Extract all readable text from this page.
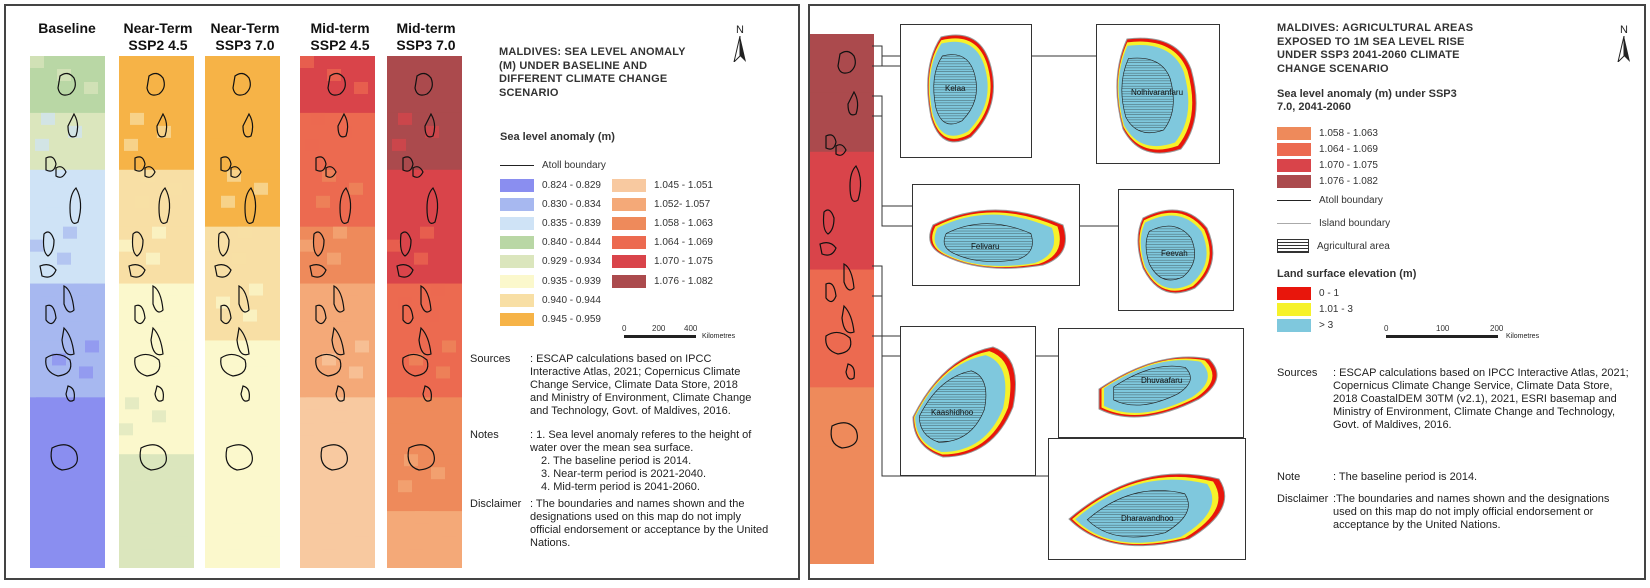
Baseline	Near-Term SSP2 4.5
Near-Term SSP3 7.0
Mid-term SSP2 4.5
Mid-term SSP3 7.0	MALDIVES: SEA LEVEL ANOMALY (M) UNDER BASELINE AND DIFFERENT CLIMATE CHANGE SCENARIO
N
Sea level anomaly (m)
Atoll boundary
0.824 - 0.829
0.830 - 0.834
0.835 - 0.839
0.840 - 0.844
0.929 - 0.934
0.935 - 0.939
0.940 - 0.944
0.945 - 0.959
1.045 - 1.051
1.052- 1.057
1.058 - 1.063
1.064 - 1.069
1.070 - 1.075
1.076 - 1.082
0	200 400
Kilometres
Sources : ESCAP calculations based on IPCC Interactive Atlas, 2021; Copernicus Climate Change Service, Climate Data Store, 2018 and Ministry of Environment, Climate Change and Technology, Govt. of Maldives, 2016.
Notes	: 1. Sea level anomaly referes to the height of water over the mean sea surface.
2. The baseline period is 2014.
3. Near-term period is 2021-2040.
4. Mid-term period is 2041-2060.
Disclaimer : The boundaries and names shown and the designations used on this map do not imply official endorsement or acceptance by the United Nations.
Kelaa	Nolhivaranfaru
Felivaru
Feevah
Kaashidhoo
Dhuvaafaru
Dharavandhoo
MALDIVES: AGRICULTURAL AREAS EXPOSED TO 1M SEA LEVEL RISE UNDER SSP3 2041-2060 CLIMATE CHANGE SCENARIO
N
Sea level anomaly (m) under SSP3 7.0, 2041-2060
1.058 - 1.063
1.064 - 1.069
1.070 - 1.075
1.076 - 1.082
Atoll boundary
Island boundary
Agricultural area
Land surface elevation (m)
0 - 1
1.01 - 3
> 3	0	100	200
Kilometres
Sources : ESCAP calculations based on IPCC Interactive Atlas, 2021; Copernicus Climate Change Service, Climate Data Store, 2018 CoastalDEM 30TM (v2.1), 2021, ESRI basemap and Ministry of Environment, Climate Change and Technology, Govt. of Maldives, 2016.
Note	: The baseline period is 2014.
Disclaimer :The boundaries and names shown and the designations used on this map do not imply official endorsement or acceptance by the United Nations.
